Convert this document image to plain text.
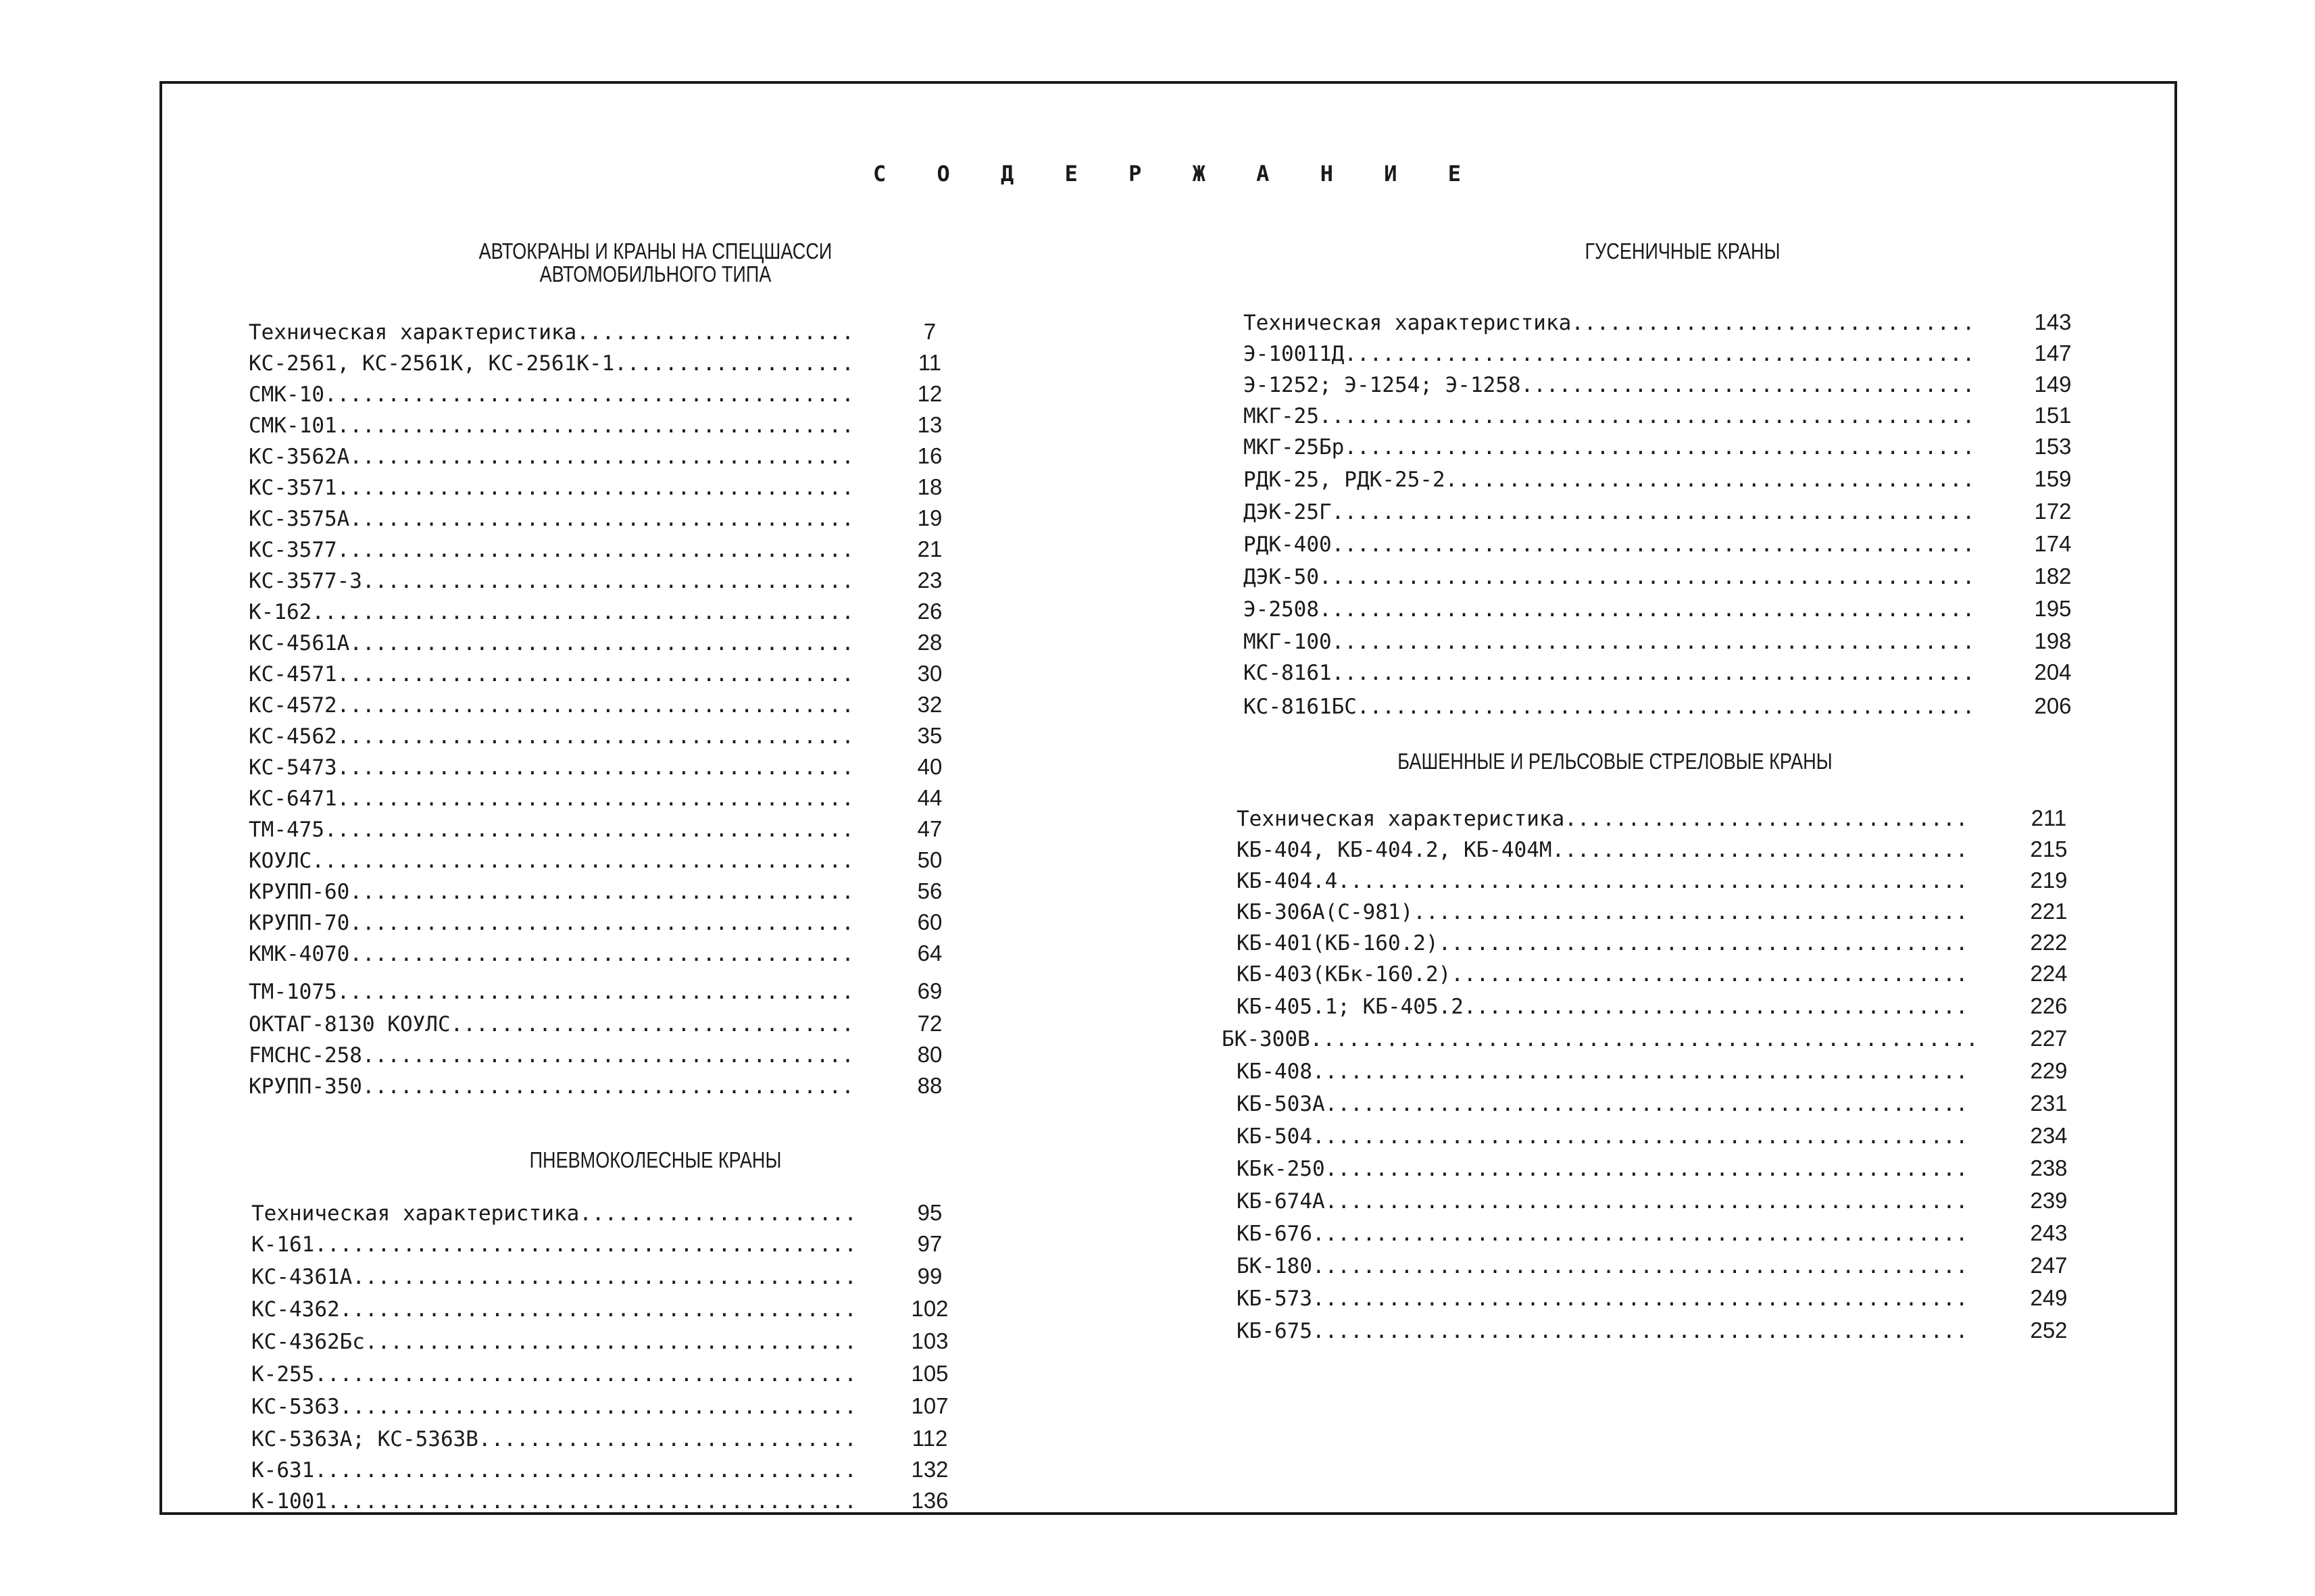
С О Д Е Р Ж А Н И Е
АВТОКРАНЫ И КРАНЫ НА СПЕЦШАССИ
АВТОМОБИЛЬНОГО ТИПА
Техническая характеристика ......................	7
КС-2561, КС-2561К, КС-2561К-1 ...................	11
СМК-10 ..........................................	12
СМК-101 .........................................	13
КС-3562А ........................................	16
КС-3571 .........................................	18
КС-3575А ........................................	19
КС-3577 .........................................	21
КС-3577-3 .......................................	23
К-162 ...........................................	26
КС-4561А ........................................	28
КС-4571 .........................................	30
КС-4572 .........................................	32
КС-4562 .........................................	35
КС-5473 .........................................	40
КС-6471 .........................................	44
ТМ-475 ..........................................	47
КОУЛС ...........................................	50
КРУПП-60 ........................................	56
КРУПП-70 ........................................	60
КМК-4070 ........................................	64
ТМ-1075 .........................................	69
ОКТАГ-8130 КОУЛС ................................	72
FMCHC-258 .......................................	80
КРУПП-350 .......................................	88
ПНЕВМОКОЛЕСНЫЕ КРАНЫ
Техническая характеристика ......................	95
К-161 ...........................................	97
КС-4361А ........................................	99
КС-4362 .........................................	102
КС-4362Бс .......................................	103
К-255 ...........................................	105
КС-5363 .........................................	107
КС-5363А; КС-5363В ..............................	112
К-631 ...........................................	132
К-1001 ..........................................	136
ГУСЕНИЧНЫЕ КРАНЫ
Техническая характеристика ................................	143
Э-10011Д ..................................................	147
Э-1252; Э-1254; Э-1258 ....................................	149
МКГ-25 ....................................................	151
МКГ-25Бр ..................................................	153
РДК-25, РДК-25-2 ..........................................	159
ДЭК-25Г ...................................................	172
РДК-400 ...................................................	174
ДЭК-50 ....................................................	182
Э-2508 ....................................................	195
МКГ-100 ...................................................	198
КС-8161 ...................................................	204
КС-8161БС .................................................	206
БАШЕННЫЕ И РЕЛЬСОВЫЕ СТРЕЛОВЫЕ КРАНЫ
Техническая характеристика ................................	211
КБ-404, КБ-404.2, КБ-404М .................................	215
КБ-404.4 ..................................................	219
КБ-306А(С-981) ............................................	221
КБ-401(КБ-160.2) ..........................................	222
КБ-403(КБк-160.2) .........................................	224
КБ-405.1; КБ-405.2 ........................................	226
БК-300В .....................................................	227
КБ-408 ....................................................	229
КБ-503А ...................................................	231
КБ-504 ....................................................	234
КБк-250 ...................................................	238
КБ-674А ...................................................	239
КБ-676 ....................................................	243
БК-180 ....................................................	247
КБ-573 ....................................................	249
КБ-675 ....................................................	252
